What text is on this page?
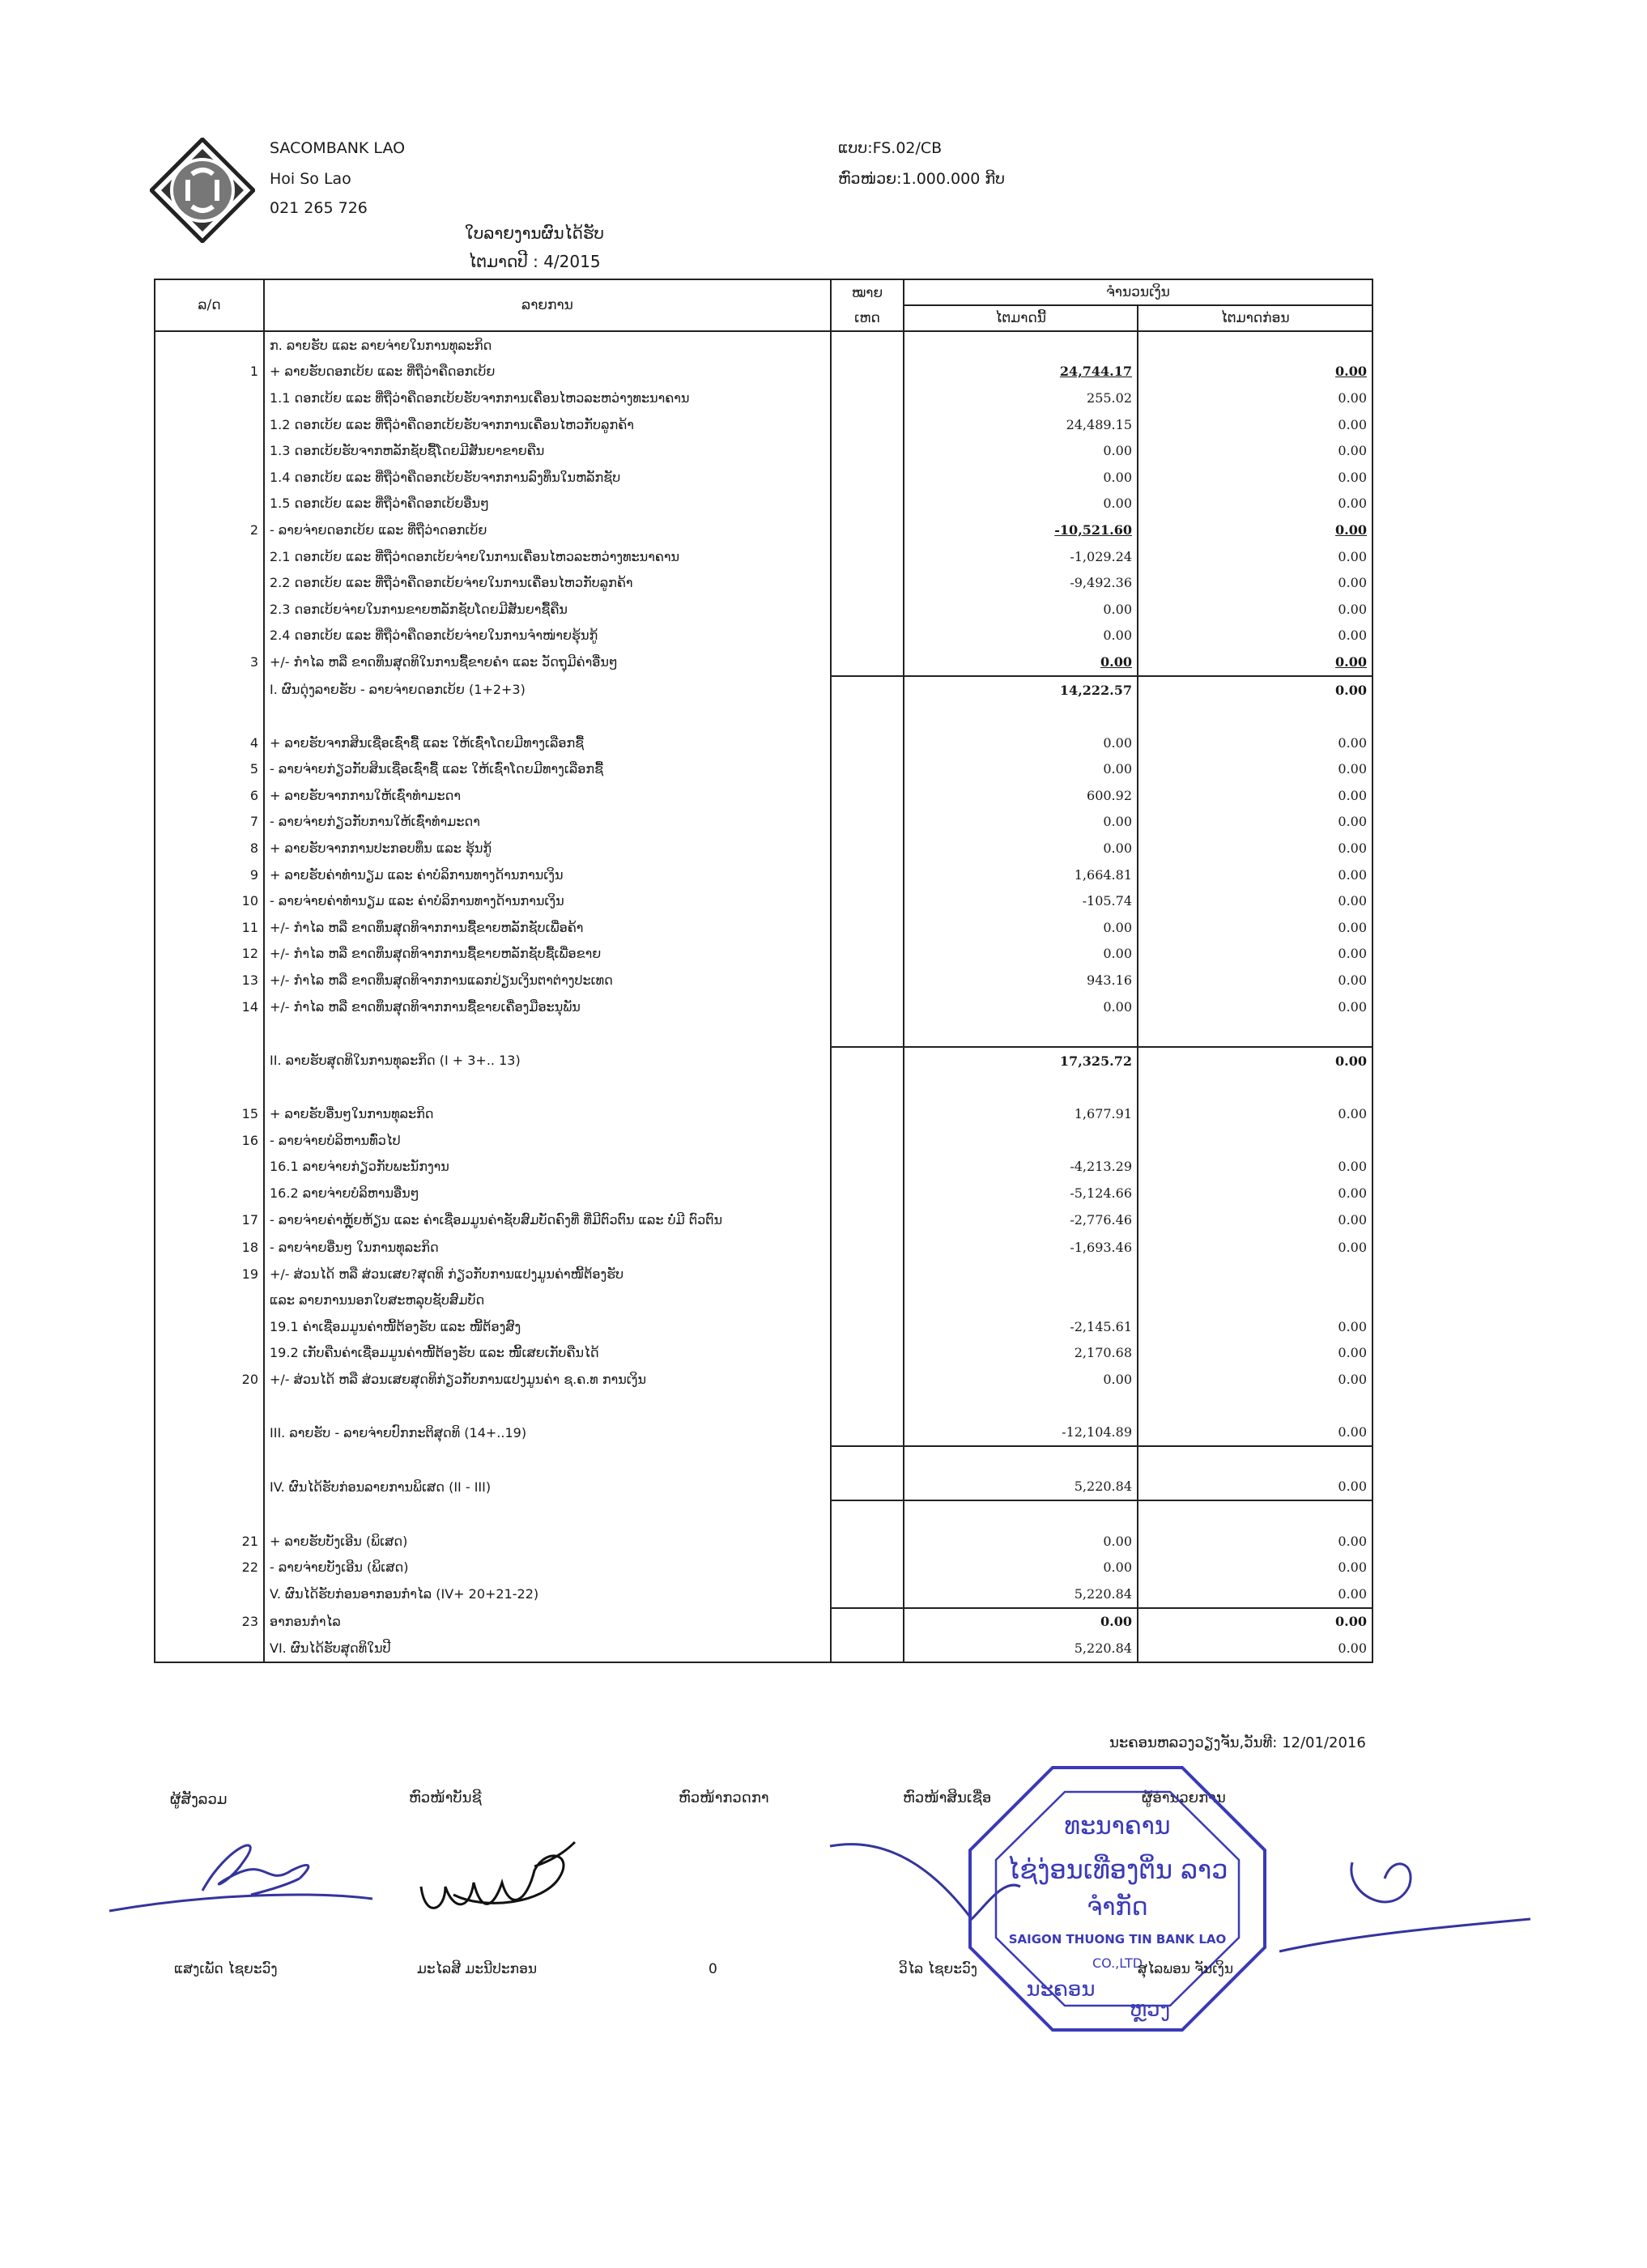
SACOMBANK LAO
Hoi So Lao
021 265 726
ແບບ:FS.02/CB
ຫົວໜ່ວຍ:1.000.000 ກີບ
ໃບລາຍງານຜົນໄດ້ຮັບ
ໄຕມາດປີ : 4/2015
ລ/ດ	ລາຍການ	ໝາຍ	ຈຳນວນເງິນ	
		ເຫດ	ໄຕມາດນີ້	ໄຕມາດກ່ອນ
	ກ. ລາຍຮັບ ແລະ ລາຍຈ່າຍໃນການທຸລະກິດ			
1	+ ລາຍຮັບດອກເບ້ຍ ແລະ ທີ່ຖືວ່າຄືດອກເບ້ຍ		24,744.17	0.00
	1.1 ດອກເບ້ຍ ແລະ ທີ່ຖືວ່າຄືດອກເບ້ຍຮັບຈາກການເຄື່ອນໄຫວລະຫວ່າງທະນາຄານ		255.02	0.00
	1.2 ດອກເບ້ຍ ແລະ ທີ່ຖືວ່າຄືດອກເບ້ຍຮັບຈາກການເຄື່ອນໄຫວກັບລູກຄ້າ		24,489.15	0.00
	1.3 ດອກເບ້ຍຮັບຈາກຫລັກຊັບຊື້ໂດຍມີສັນຍາຂາຍຄືນ		0.00	0.00
	1.4 ດອກເບ້ຍ ແລະ ທີ່ຖືວ່າຄືດອກເບ້ຍຮັບຈາກການລົງທຶນໃນຫລັກຊັບ		0.00	0.00
	1.5 ດອກເບ້ຍ ແລະ ທີ່ຖືວ່າຄືດອກເບ້ຍອື່ນໆ		0.00	0.00
2	- ລາຍຈ່າຍດອກເບ້ຍ ແລະ ທີ່ຖືວ່າດອກເບ້ຍ		-10,521.60	0.00
	2.1 ດອກເບ້ຍ ແລະ ທີ່ຖືວ່າດອກເບ້ຍຈ່າຍໃນການເຄື່ອນໄຫວລະຫວ່າງທະນາຄານ		-1,029.24	0.00
	2.2 ດອກເບ້ຍ ແລະ ທີ່ຖືວ່າຄືດອກເບ້ຍຈ່າຍໃນການເຄື່ອນໄຫວກັບລູກຄ້າ		-9,492.36	0.00
	2.3 ດອກເບ້ຍຈ່າຍໃນການຂາຍຫລັກຊັບໂດຍມີສັນຍາຊື້ຄືນ		0.00	0.00
	2.4 ດອກເບ້ຍ ແລະ ທີ່ຖືວ່າຄືດອກເບ້ຍຈ່າຍໃນການຈຳໜ່າຍຮຸ້ນກູ້		0.00	0.00
3	+/- ກຳໄລ ຫລື ຂາດທຶນສຸດທິໃນການຊື້ຂາຍຄຳ ແລະ ວັດຖຸມີຄ່າອື່ນໆ		0.00	0.00
	I. ຜົນດຸ່ງລາຍຮັບ - ລາຍຈ່າຍດອກເບ້ຍ (1+2+3)		14,222.57	0.00

4	+ ລາຍຮັບຈາກສິນເຊື່ອເຊົ່າຊື້ ແລະ ໃຫ້ເຊົ່າໂດຍມີທາງເລືອກຊື້		0.00	0.00
5	- ລາຍຈ່າຍກ່ຽວກັບສິນເຊື່ອເຊົ່າຊື້ ແລະ ໃຫ້ເຊົ່າໂດຍມີທາງເລືອກຊື້		0.00	0.00
6	+ ລາຍຮັບຈາກການໃຫ້ເຊົ່າທຳມະດາ		600.92	0.00
7	- ລາຍຈ່າຍກ່ຽວກັບການໃຫ້ເຊົ່າທຳມະດາ		0.00	0.00
8	+ ລາຍຮັບຈາກການປະກອບທຶນ ແລະ ຮຸ້ນກູ້		0.00	0.00
9	+ ລາຍຮັບຄ່າທຳນຽມ ແລະ ຄ່າບໍລິການທາງດ້ານການເງິນ		1,664.81	0.00
10	- ລາຍຈ່າຍຄ່າທຳນຽມ ແລະ ຄ່າບໍລິການທາງດ້ານການເງິນ		-105.74	0.00
11	+/- ກຳໄລ ຫລື ຂາດທຶນສຸດທິຈາກການຊື້ຂາຍຫລັກຊັບເພື່ອຄ້າ		0.00	0.00
12	+/- ກຳໄລ ຫລື ຂາດທຶນສຸດທິຈາກການຊື້ຂາຍຫລັກຊັບຊື້ເພື່ອຂາຍ		0.00	0.00
13	+/- ກຳໄລ ຫລື ຂາດທຶນສຸດທິຈາກການແລກປ່ຽນເງິນຕາຕ່າງປະເທດ		943.16	0.00
14	+/- ກຳໄລ ຫລື ຂາດທຶນສຸດທິຈາກການຊື້ຂາຍເຄື່ອງມືອະນຸພັນ		0.00	0.00

	II. ລາຍຮັບສຸດທິໃນການທຸລະກິດ (I + 3+.. 13)		17,325.72	0.00

15	+ ລາຍຮັບອື່ນໆໃນການທຸລະກິດ		1,677.91	0.00
16	- ລາຍຈ່າຍບໍລິຫານທົ່ວໄປ			
	16.1 ລາຍຈ່າຍກ່ຽວກັບພະນັກງານ		-4,213.29	0.00
	16.2 ລາຍຈ່າຍບໍລິຫານອື່ນໆ		-5,124.66	0.00
17	- ລາຍຈ່າຍຄ່າຫຼຸ້ຍຫ້ຽນ ແລະ ຄ່າເຊື່ອມມູນຄ່າຊັບສົມບັດຄົງທີ່ ທີ່ມີຕົວຕົນ ແລະ ບໍ່ມີ ຕົວຕົນ		-2,776.46	0.00
18	- ລາຍຈ່າຍອື່ນໆ ໃນການທຸລະກິດ		-1,693.46	0.00
19	+/- ສ່ວນໄດ້ ຫລື ສ່ວນເສຍ?ສຸດທິ ກ່ຽວກັບການແປງມູນຄ່າໜີ້ຕ້ອງຮັບ			
	ແລະ ລາຍການນອກໃບສະຫລຸບຊັບສົມບັດ			
	19.1 ຄ່າເຊື່ອມມູນຄ່າໜີ້ຕ້ອງຮັບ ແລະ ໜີ້ຕ້ອງສົງ		-2,145.61	0.00
	19.2 ເກັບຄືນຄ່າເຊື່ອມມູນຄ່າໜີ້ຕ້ອງຮັບ ແລະ ໜີ້ເສຍເກັບຄືນໄດ້		2,170.68	0.00
20	+/- ສ່ວນໄດ້ ຫລື ສ່ວນເສຍສຸດທິກ່ຽວກັບການແປງມູນຄ່າ ຊ.ຄ.ທ ການເງິນ		0.00	0.00

	III. ລາຍຮັບ - ລາຍຈ່າຍປົກກະຕິສຸດທິ (14+..19)		-12,104.89	0.00

	IV. ຜົນໄດ້ຮັບກ່ອນລາຍການພິເສດ (II - III)		5,220.84	0.00

21	+ ລາຍຮັບບັງເອີນ (ພິເສດ)		0.00	0.00
22	- ລາຍຈ່າຍບັງເອີນ (ພິເສດ)		0.00	0.00
	V. ຜົນໄດ້ຮັບກ່ອນອາກອນກຳໄລ (IV+ 20+21-22)		5,220.84	0.00
23	ອາກອນກຳໄລ		0.00	0.00
	VI. ຜົນໄດ້ຮັບສຸດທິໃນປີ		5,220.84	0.00
ນະຄອນຫລວງວຽງຈັນ,ວັນທີ: 12/01/2016
ຜູ້ສັງລວມ	ຫົວໜ້າບັນຊີ	ຫົວໜ້າກວດກາ	ຫົວໜ້າສິນເຊື່ອ	ຜູ້ອຳນວຍການ
ທະນາຄານ
ໄຊ່ງ່ອນເທືອງຕິ່ນ ລາວ
ຈຳກັດ
SAIGON THUONG TIN BANK LAO
CO.,LTD
ນະຄອນ
ຫຼວງ
ແສງເພັດ ໄຊຍະວົງ	ມະໄລສີ ມະນີປະກອນ	0	ວິໄລ ໄຊຍະວົງ	ສຸໄລພອນ ຈັນເງິນ
